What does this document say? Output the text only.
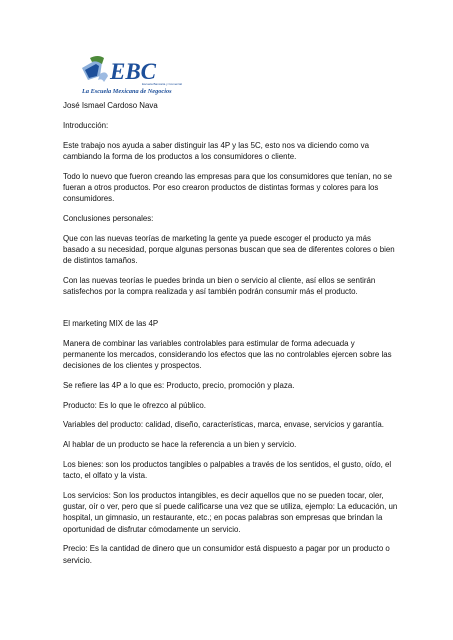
EBC
Escuela Bancaria y Comercial
La Escuela Mexicana de Negocios

José Ismael Cardoso Nava

Introducción:

Este trabajo nos ayuda a saber distinguir las 4P y las 5C, esto nos va diciendo como va cambiando la forma de los productos a los consumidores o cliente.

Todo lo nuevo que fueron creando las empresas para que los consumidores que tenían, no se fueran a otros productos. Por eso crearon productos de distintas formas y colores para los consumidores.

Conclusiones personales:

Que con las nuevas teorías de marketing la gente ya puede escoger el producto ya más basado a su necesidad, porque algunas personas buscan que sea de diferentes colores o bien de distintos tamaños.

Con las nuevas teorías le puedes brinda un bien o servicio al cliente, así ellos se sentirán satisfechos por la compra realizada y así también podrán consumir más el producto.

El marketing MIX de las 4P

Manera de combinar las variables controlables para estimular de forma adecuada y permanente los mercados, considerando los efectos que las no controlables ejercen sobre las decisiones de los clientes y prospectos.

Se refiere las 4P a lo que es: Producto, precio, promoción y plaza.

Producto: Es lo que le ofrezco al público.

Variables del producto: calidad, diseño, características, marca, envase, servicios y garantía.

Al hablar de un producto se hace la referencia a un bien y servicio.

Los bienes: son los productos tangibles o palpables a través de los sentidos, el gusto, oído, el tacto, el olfato y la vista.

Los servicios: Son los productos intangibles, es decir aquellos que no se pueden tocar, oler, gustar, oír o ver, pero que sí puede calificarse una vez que se utiliza, ejemplo: La educación, un hospital, un gimnasio, un restaurante, etc.; en pocas palabras son empresas que brindan la oportunidad de disfrutar cómodamente un servicio.

Precio: Es la cantidad de dinero que un consumidor está dispuesto a pagar por un producto o servicio.
